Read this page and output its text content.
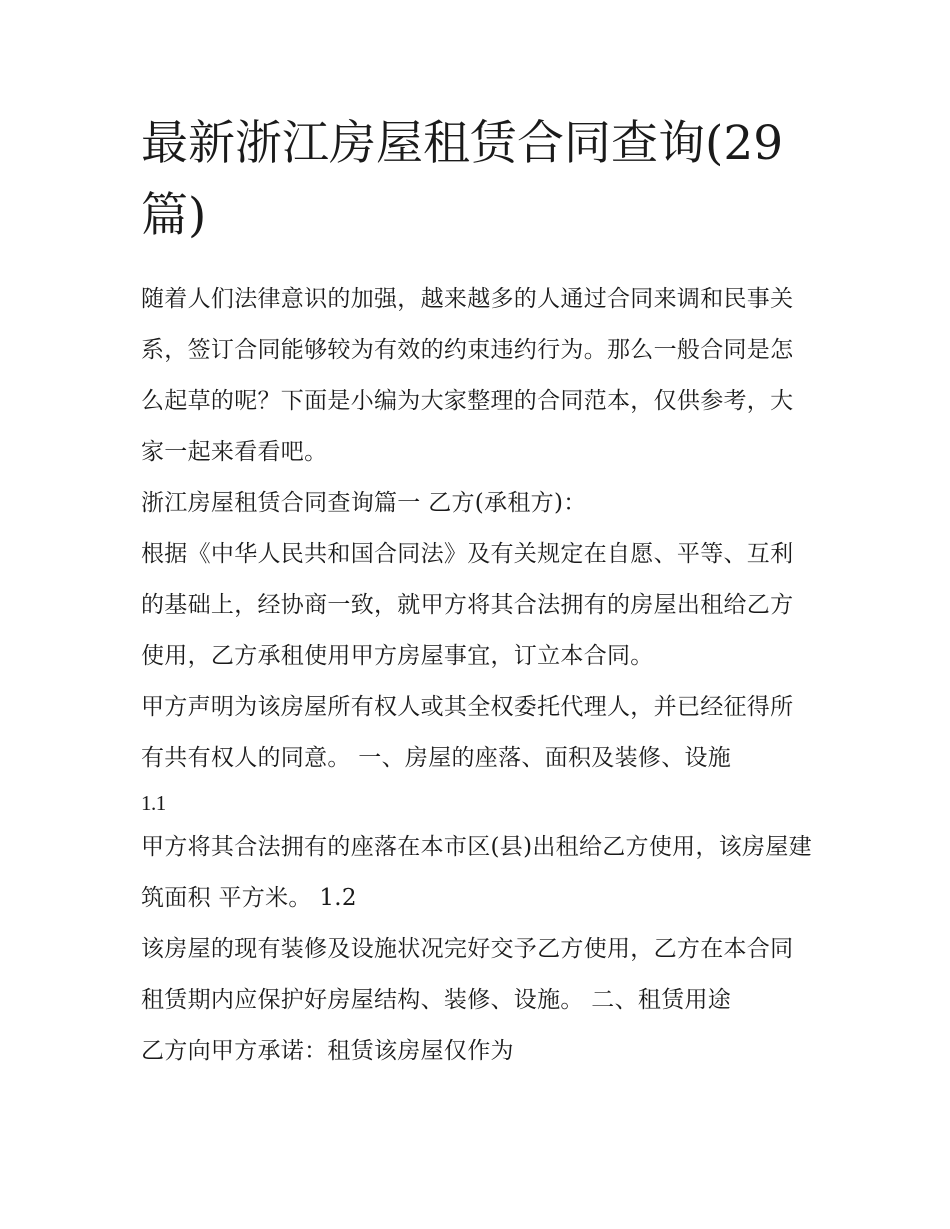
最新浙江房屋租赁合同查询(29篇)

随着人们法律意识的加强，越来越多的人通过合同来调和民事关系，签订合同能够较为有效的约束违约行为。那么一般合同是怎么起草的呢？下面是小编为大家整理的合同范本，仅供参考，大家一起来看看吧。

浙江房屋租赁合同查询篇一 乙方(承租方)：

根据《中华人民共和国合同法》及有关规定在自愿、平等、互利的基础上，经协商一致，就甲方将其合法拥有的房屋出租给乙方使用，乙方承租使用甲方房屋事宜，订立本合同。

甲方声明为该房屋所有权人或其全权委托代理人，并已经征得所有共有权人的同意。 一、房屋的座落、面积及装修、设施

1.1

甲方将其合法拥有的座落在本市区(县)出租给乙方使用，该房屋建筑面积 平方米。 1.2

该房屋的现有装修及设施状况完好交予乙方使用，乙方在本合同租赁期内应保护好房屋结构、装修、设施。 二、租赁用途

乙方向甲方承诺：租赁该房屋仅作为
